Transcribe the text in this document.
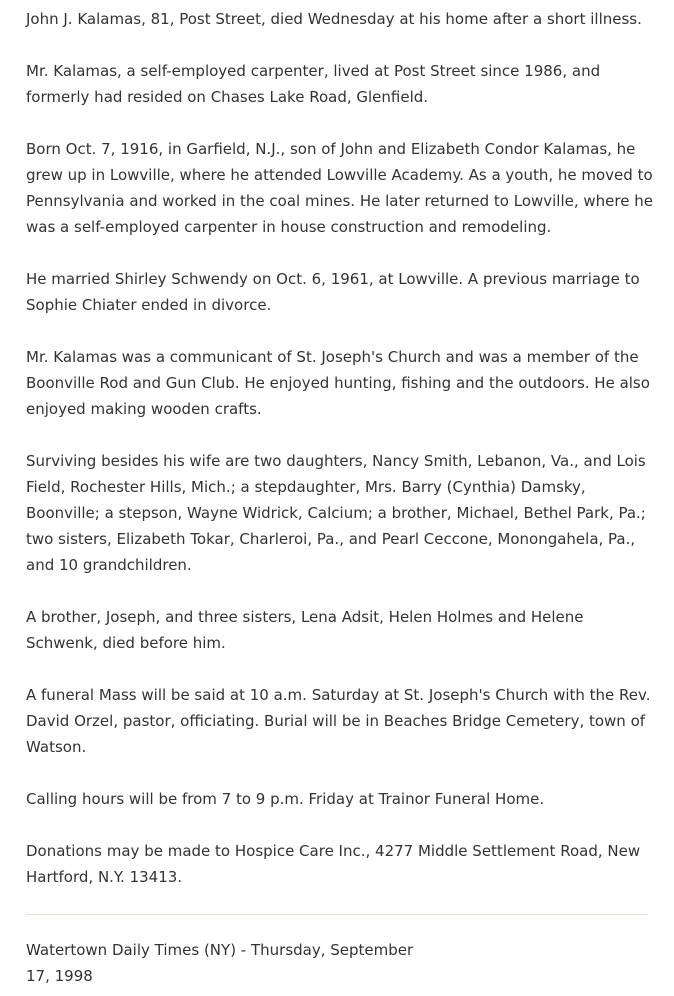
John J. Kalamas, 81, Post Street, died Wednesday at his home after a short illness.

Mr. Kalamas, a self-employed carpenter, lived at Post Street since 1986, and formerly had resided on Chases Lake Road, Glenfield.

Born Oct. 7, 1916, in Garfield, N.J., son of John and Elizabeth Condor Kalamas, he grew up in Lowville, where he attended Lowville Academy. As a youth, he moved to Pennsylvania and worked in the coal mines. He later returned to Lowville, where he was a self-employed carpenter in house construction and remodeling.

He married Shirley Schwendy on Oct. 6, 1961, at Lowville. A previous marriage to Sophie Chiater ended in divorce.

Mr. Kalamas was a communicant of St. Joseph's Church and was a member of the Boonville Rod and Gun Club. He enjoyed hunting, fishing and the outdoors. He also enjoyed making wooden crafts.

Surviving besides his wife are two daughters, Nancy Smith, Lebanon, Va., and Lois Field, Rochester Hills, Mich.; a stepdaughter, Mrs. Barry (Cynthia) Damsky, Boonville; a stepson, Wayne Widrick, Calcium; a brother, Michael, Bethel Park, Pa.; two sisters, Elizabeth Tokar, Charleroi, Pa., and Pearl Ceccone, Monongahela, Pa., and 10 grandchildren.

A brother, Joseph, and three sisters, Lena Adsit, Helen Holmes and Helene Schwenk, died before him.

A funeral Mass will be said at 10 a.m. Saturday at St. Joseph's Church with the Rev. David Orzel, pastor, officiating. Burial will be in Beaches Bridge Cemetery, town of Watson.

Calling hours will be from 7 to 9 p.m. Friday at Trainor Funeral Home.

Donations may be made to Hospice Care Inc., 4277 Middle Settlement Road, New Hartford, N.Y. 13413.

Watertown Daily Times (NY) - Thursday, September 17, 1998
